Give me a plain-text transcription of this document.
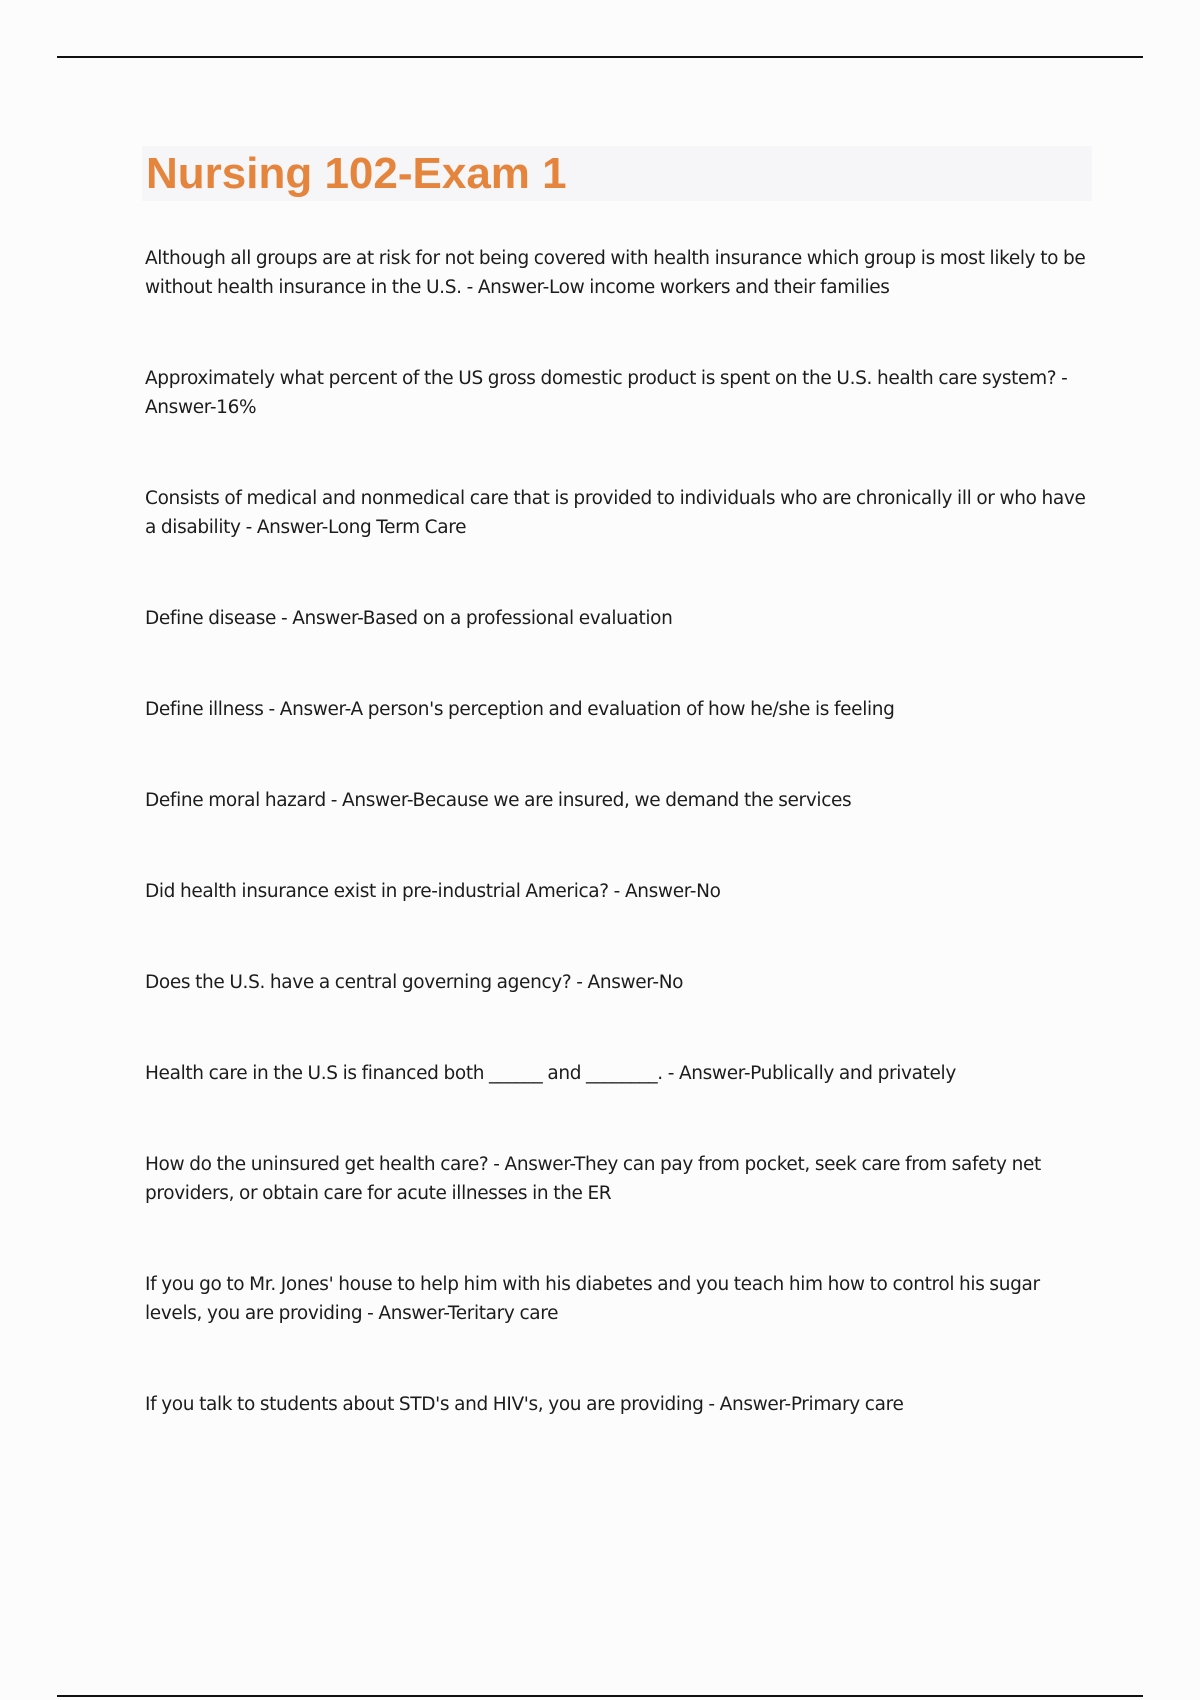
Nursing 102-Exam 1

Although all groups are at risk for not being covered with health insurance which group is most likely to be without health insurance in the U.S. - Answer-Low income workers and their families

Approximately what percent of the US gross domestic product is spent on the U.S. health care system? - Answer-16%

Consists of medical and nonmedical care that is provided to individuals who are chronically ill or who have a disability - Answer-Long Term Care

Define disease - Answer-Based on a professional evaluation

Define illness - Answer-A person's perception and evaluation of how he/she is feeling

Define moral hazard - Answer-Because we are insured, we demand the services

Did health insurance exist in pre-industrial America? - Answer-No

Does the U.S. have a central governing agency? - Answer-No

Health care in the U.S is financed both ______ and ________. - Answer-Publically and privately

How do the uninsured get health care? - Answer-They can pay from pocket, seek care from safety net providers, or obtain care for acute illnesses in the ER

If you go to Mr. Jones' house to help him with his diabetes and you teach him how to control his sugar levels, you are providing - Answer-Teritary care

If you talk to students about STD's and HIV's, you are providing - Answer-Primary care
